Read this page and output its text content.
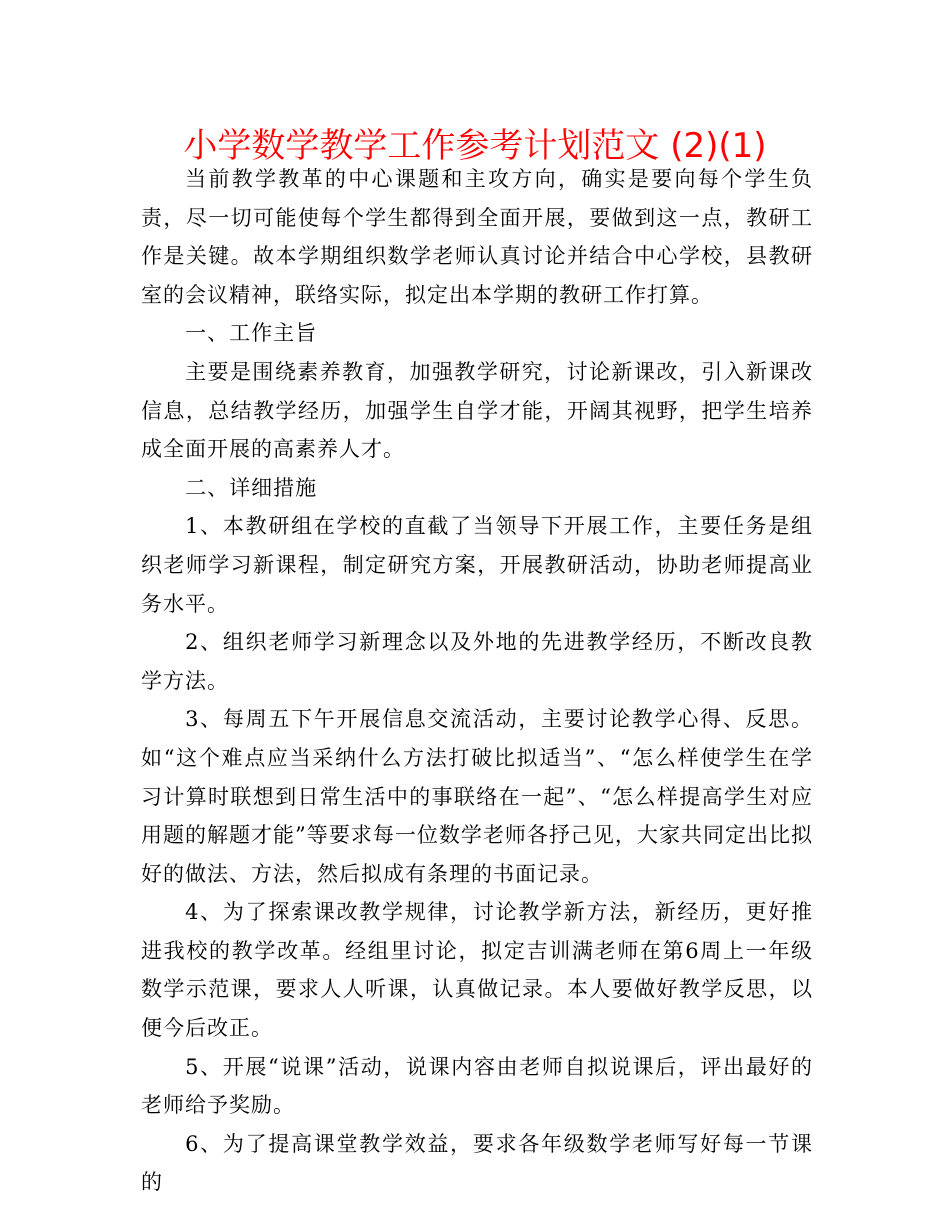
小学数学教学工作参考计划范文 (2)(1)

当前教学教革的中心课题和主攻方向，确实是要向每个学生负责，尽一切可能使每个学生都得到全面开展，要做到这一点，教研工作是关键。故本学期组织数学老师认真讨论并结合中心学校，县教研室的会议精神，联络实际，拟定出本学期的教研工作打算。

一、工作主旨

主要是围绕素养教育，加强教学研究，讨论新课改，引入新课改信息，总结教学经历，加强学生自学才能，开阔其视野，把学生培养成全面开展的高素养人才。

二、详细措施

1、本教研组在学校的直截了当领导下开展工作，主要任务是组织老师学习新课程，制定研究方案，开展教研活动，协助老师提高业务水平。

2、组织老师学习新理念以及外地的先进教学经历，不断改良教学方法。

3、每周五下午开展信息交流活动，主要讨论教学心得、反思。如“这个难点应当采纳什么方法打破比拟适当”、“怎么样使学生在学习计算时联想到日常生活中的事联络在一起”、“怎么样提高学生对应用题的解题才能”等要求每一位数学老师各抒己见，大家共同定出比拟好的做法、方法，然后拟成有条理的书面记录。

4、为了探索课改教学规律，讨论教学新方法，新经历，更好推进我校的教学改革。经组里讨论，拟定吉训满老师在第6周上一年级数学示范课，要求人人听课，认真做记录。本人要做好教学反思，以便今后改正。

5、开展“说课”活动，说课内容由老师自拟说课后，评出最好的老师给予奖励。

6、为了提高课堂教学效益，要求各年级数学老师写好每一节课的
